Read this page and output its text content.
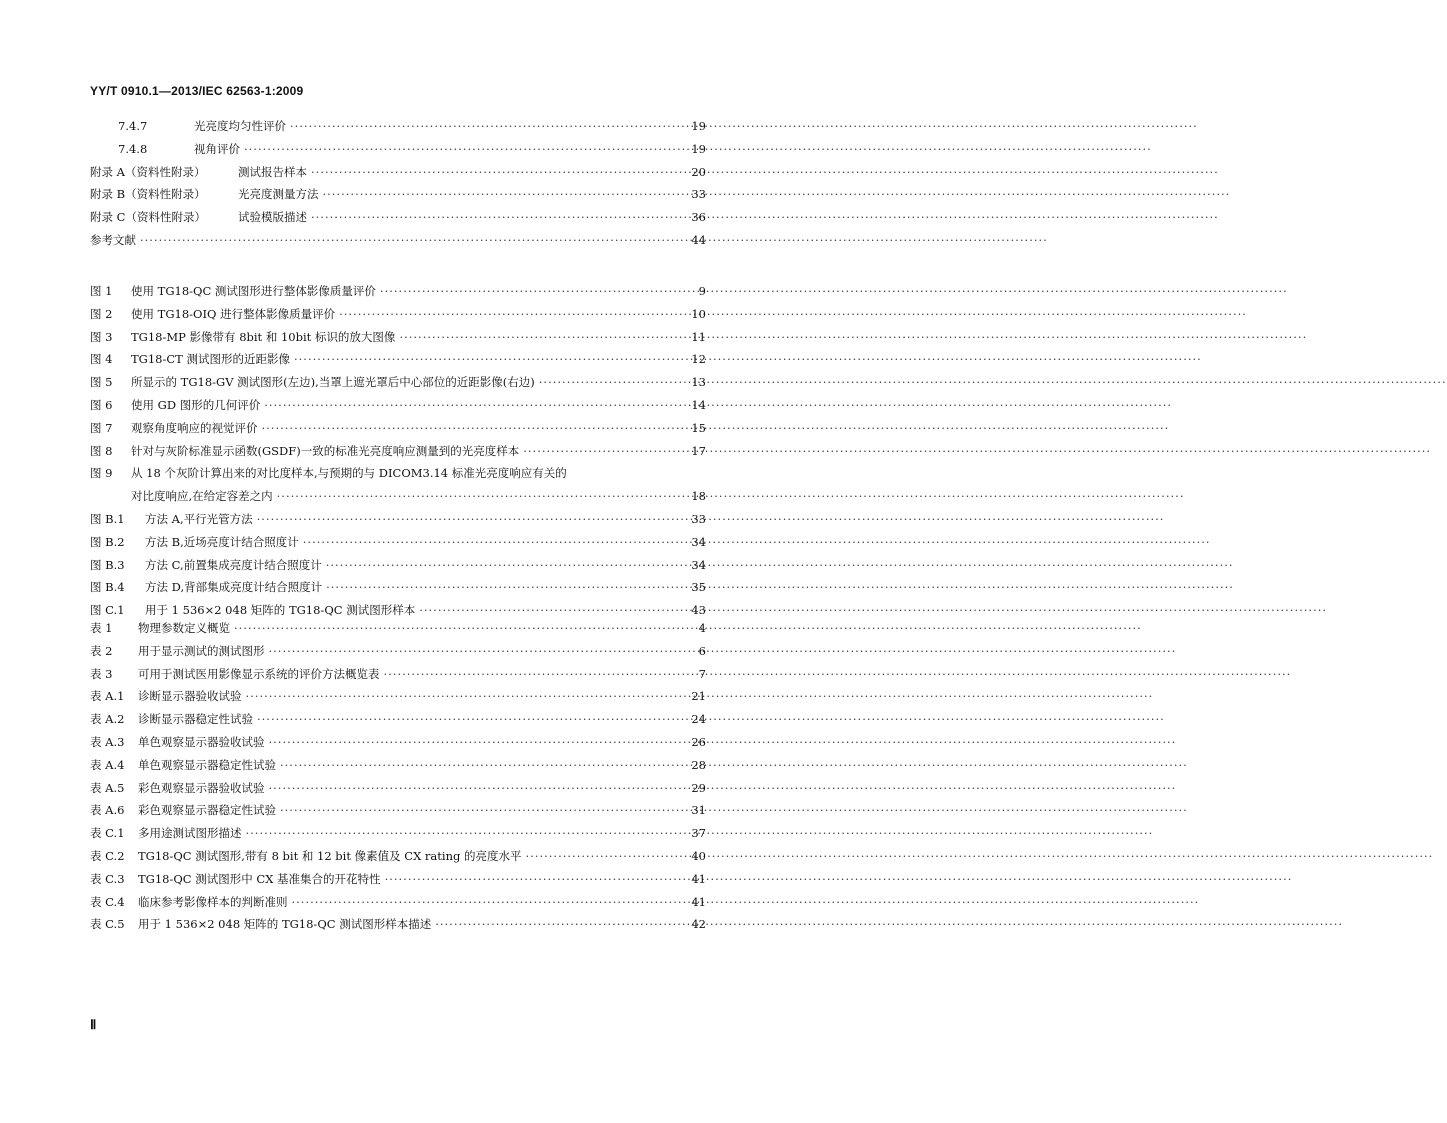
YY/T 0910.1—2013/IEC 62563-1:2009
7.4.7	光亮度均匀性评价 ·····	19
7.4.8	视角评价 ·····	19
附录 A（资料性附录）	测试报告样本 ·····	20
附录 B（资料性附录）	光亮度测量方法 ·····	33
附录 C（资料性附录）	试验模版描述 ·····	36
参考文献 ·····	44
图 1	使用 TG18-QC 测试图形进行整体影像质量评价 ·····	9
图 2	使用 TG18-OIQ 进行整体影像质量评价 ·····	10
图 3	TG18-MP 影像带有 8bit 和 10bit 标识的放大图像 ·····	11
图 4	TG18-CT 测试图形的近距影像 ·····	12
图 5	所显示的 TG18-GV 测试图形(左边),当罩上遮光罩后中心部位的近距影像(右边) ·····	13
图 6	使用 GD 图形的几何评价 ·····	14
图 7	观察角度响应的视觉评价 ·····	15
图 8	针对与灰阶标准显示函数(GSDF)一致的标准光亮度响应测量到的光亮度样本 ·····	17
图 9	从 18 个灰阶计算出来的对比度样本,与预期的与 DICOM3.14 标准光亮度响应有关的
对比度响应,在给定容差之内 ·····	18
图 B.1	方法 A,平行光管方法 ·····	33
图 B.2	方法 B,近场亮度计结合照度计 ·····	34
图 B.3	方法 C,前置集成亮度计结合照度计 ·····	34
图 B.4	方法 D,背部集成亮度计结合照度计 ·····	35
图 C.1	用于 1 536×2 048 矩阵的 TG18-QC 测试图形样本 ·····	43
表 1	物理参数定义概览 ·····	4
表 2	用于显示测试的测试图形 ·····	6
表 3	可用于测试医用影像显示系统的评价方法概览表 ·····	7
表 A.1	诊断显示器验收试验 ·····	21
表 A.2	诊断显示器稳定性试验 ·····	24
表 A.3	单色观察显示器验收试验 ·····	26
表 A.4	单色观察显示器稳定性试验 ·····	28
表 A.5	彩色观察显示器验收试验 ·····	29
表 A.6	彩色观察显示器稳定性试验 ·····	31
表 C.1	多用途测试图形描述 ·····	37
表 C.2	TG18-QC 测试图形,带有 8 bit 和 12 bit 像素值及 CX rating 的亮度水平 ·····	40
表 C.3	TG18-QC 测试图形中 CX 基准集合的开花特性 ·····	41
表 C.4	临床参考影像样本的判断准则 ·····	41
表 C.5	用于 1 536×2 048 矩阵的 TG18-QC 测试图形样本描述 ·····	42
Ⅱ
